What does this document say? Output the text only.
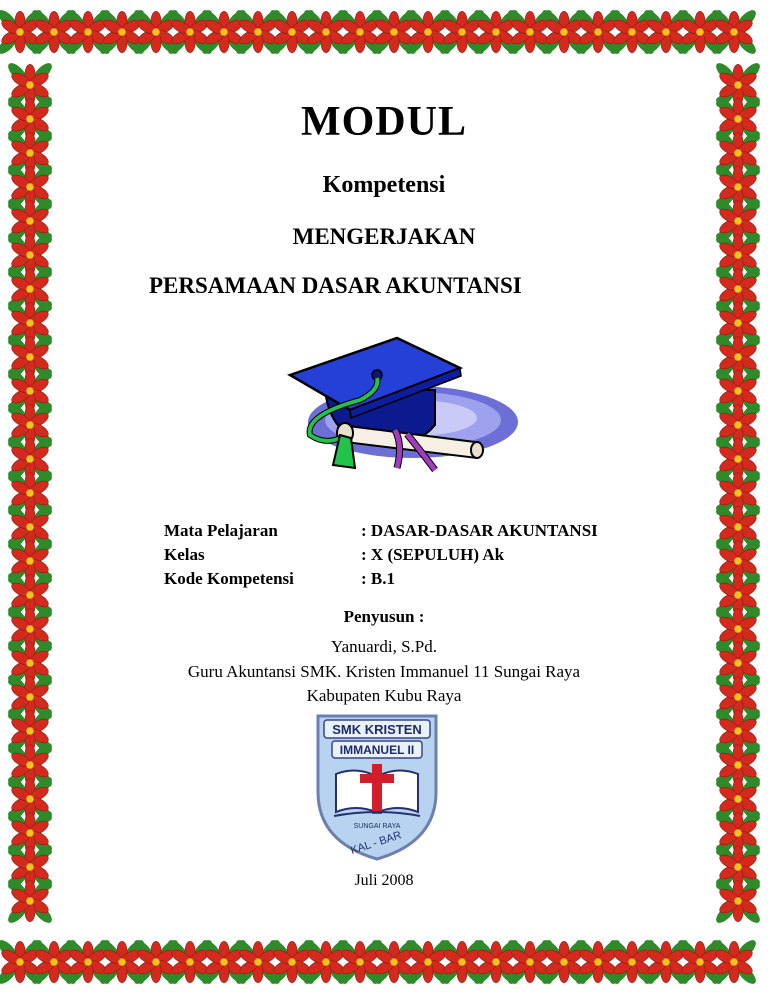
MODUL
Kompetensi
MENGERJAKAN
PERSAMAAN DASAR AKUNTANSI
Mata Pelajaran	: DASAR-DASAR AKUNTANSI
Kelas	: X (SEPULUH) Ak
Kode Kompetensi	: B.1
Penyusun :
Yanuardi, S.Pd.
Guru Akuntansi SMK. Kristen Immanuel 11 Sungai Raya
Kabupaten Kubu Raya
SMK KRISTEN
IMMANUEL II
SUNGAI RAYA
KAL - BAR
Juli 2008
